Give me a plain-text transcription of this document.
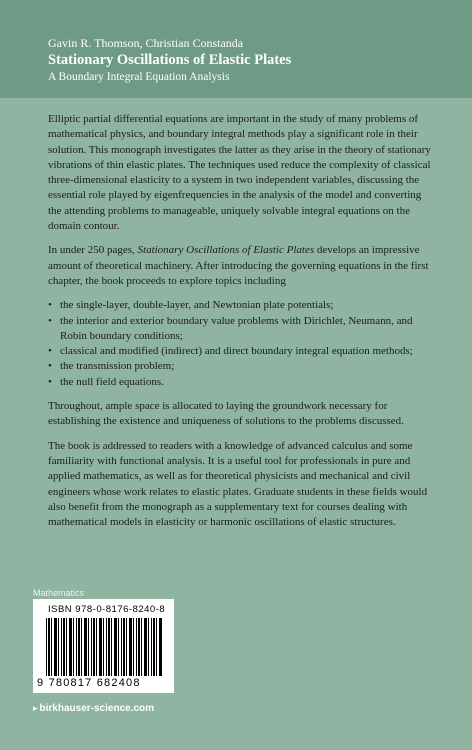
Gavin R. Thomson, Christian Constanda
Stationary Oscillations of Elastic Plates
A Boundary Integral Equation Analysis

Elliptic partial differential equations are important in the study of many problems of mathematical physics, and boundary integral methods play a significant role in their solution. This monograph investigates the latter as they arise in the theory of stationary vibrations of thin elastic plates. The techniques used reduce the complexity of classical three-dimensional elasticity to a system in two independent variables, discussing the essential role played by eigenfrequencies in the analysis of the model and converting the attending problems to manageable, uniquely solvable integral equations on the domain contour.

In under 250 pages, Stationary Oscillations of Elastic Plates develops an impressive amount of theoretical machinery. After introducing the governing equations in the first chapter, the book proceeds to explore topics including

• the single-layer, double-layer, and Newtonian plate potentials;
• the interior and exterior boundary value problems with Dirichlet, Neumann, and Robin boundary conditions;
• classical and modified (indirect) and direct boundary integral equation methods;
• the transmission problem;
• the null field equations.

Throughout, ample space is allocated to laying the groundwork necessary for establishing the existence and uniqueness of solutions to the problems discussed.

The book is addressed to readers with a knowledge of advanced calculus and some familiarity with functional analysis. It is a useful tool for professionals in pure and applied mathematics, as well as for theoretical physicists and mechanical and civil engineers whose work relates to elastic plates. Graduate students in these fields would also benefit from the monograph as a supplementary text for courses dealing with mathematical models in elasticity or harmonic oscillations of elastic structures.

Mathematics
ISBN 978-0-8176-8240-8
9 780817 682408
▸ birkhauser-science.com
